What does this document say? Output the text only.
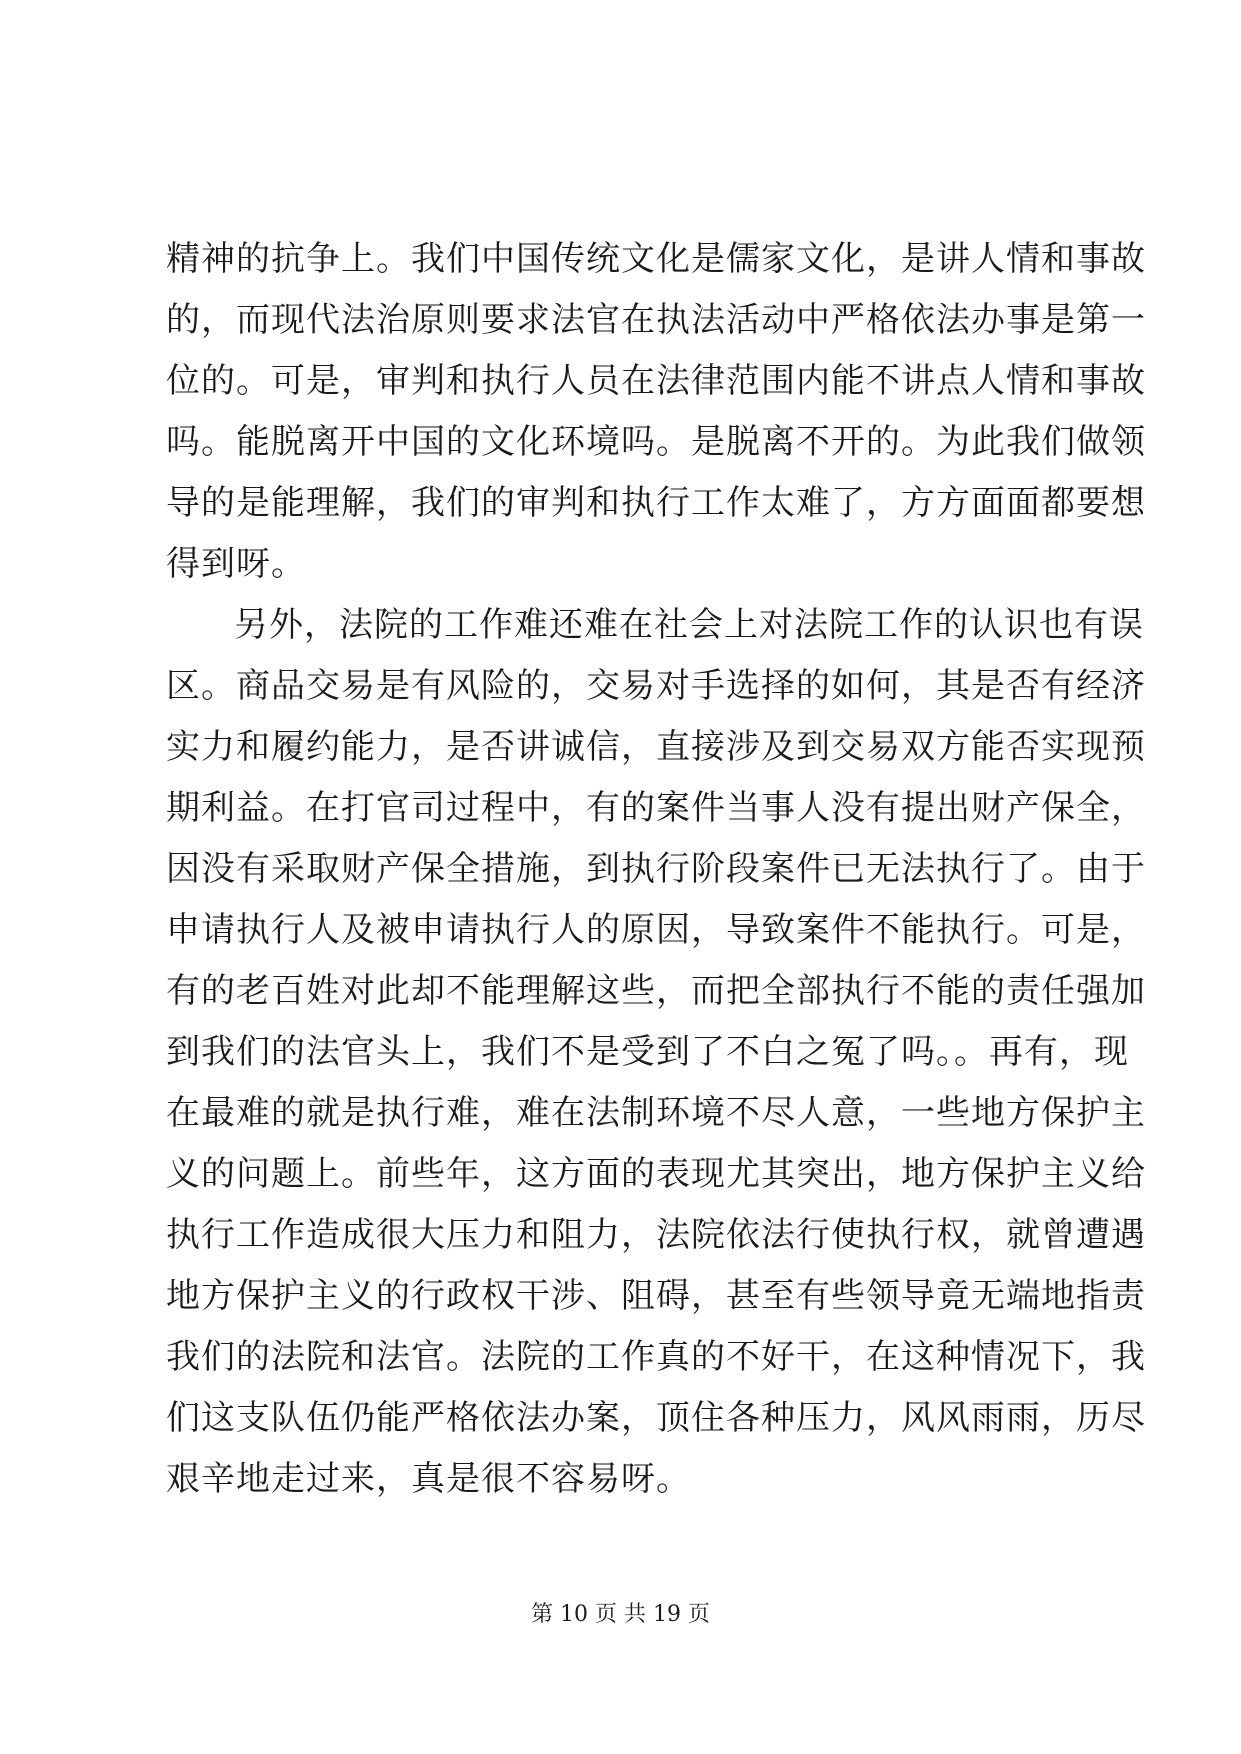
精神的抗争上。我们中国传统文化是儒家文化，是讲人情和事故
的，而现代法治原则要求法官在执法活动中严格依法办事是第一
位的。可是，审判和执行人员在法律范围内能不讲点人情和事故
吗。能脱离开中国的文化环境吗。是脱离不开的。为此我们做领
导的是能理解，我们的审判和执行工作太难了，方方面面都要想
得到呀。
另外，法院的工作难还难在社会上对法院工作的认识也有误
区。商品交易是有风险的，交易对手选择的如何，其是否有经济
实力和履约能力，是否讲诚信，直接涉及到交易双方能否实现预
期利益。在打官司过程中，有的案件当事人没有提出财产保全，
因没有采取财产保全措施，到执行阶段案件已无法执行了。由于
申请执行人及被申请执行人的原因，导致案件不能执行。可是，
有的老百姓对此却不能理解这些，而把全部执行不能的责任强加
到我们的法官头上，我们不是受到了不白之冤了吗。。再有，现
在最难的就是执行难，难在法制环境不尽人意，一些地方保护主
义的问题上。前些年，这方面的表现尤其突出，地方保护主义给
执行工作造成很大压力和阻力，法院依法行使执行权，就曾遭遇
地方保护主义的行政权干涉、阻碍，甚至有些领导竟无端地指责
我们的法院和法官。法院的工作真的不好干，在这种情况下，我
们这支队伍仍能严格依法办案，顶住各种压力，风风雨雨，历尽
艰辛地走过来，真是很不容易呀。
第 10 页 共 19 页
